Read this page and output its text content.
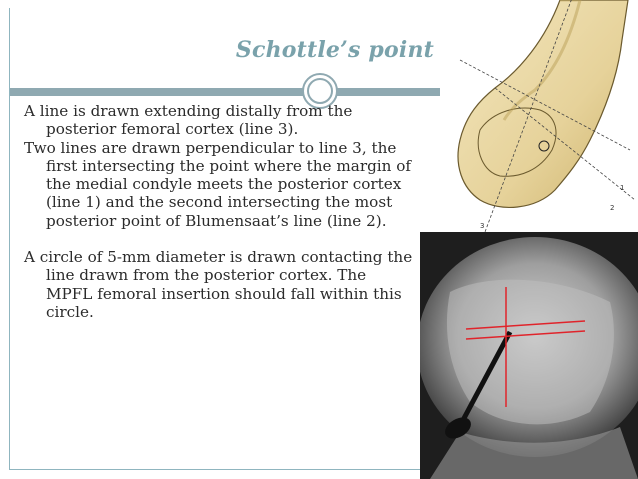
Schottle’s point

A line is drawn extending distally from the posterior femoral cortex (line 3).

Two lines are drawn perpendicular to line 3, the first intersecting the point where the margin of the medial condyle meets the posterior cortex (line 1) and the second intersecting the most posterior point of Blumensaat’s line (line 2).

A circle of 5-mm diameter is drawn contacting the line drawn from the posterior cortex. The MPFL femoral insertion should fall within this circle.

1
2
3
